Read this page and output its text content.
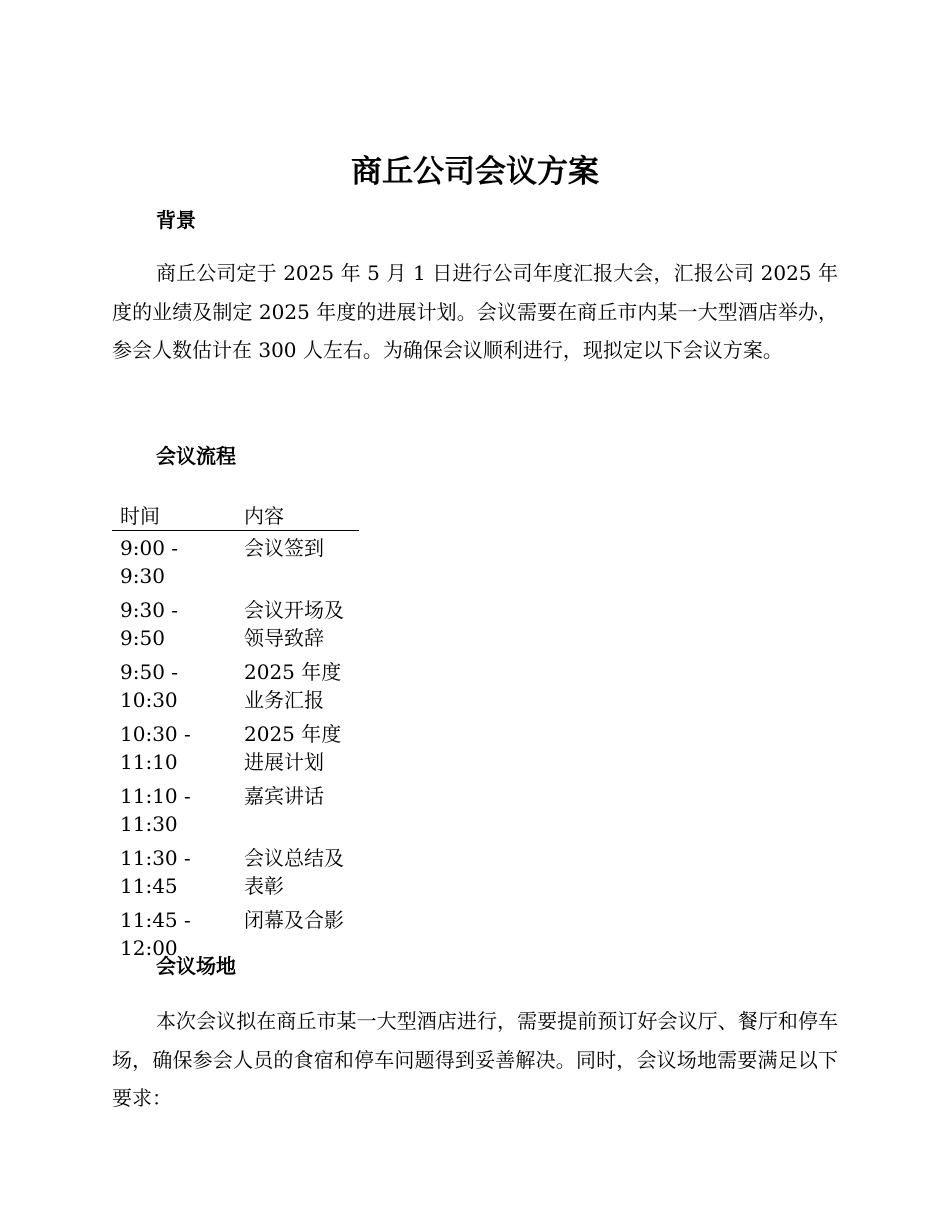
商丘公司会议方案
背景

商丘公司定于 2025 年 5 月 1 日进行公司年度汇报大会，汇报公司 2025 年度的业绩及制定 2025 年度的进展计划。会议需要在商丘市内某一大型酒店举办，参会人数估计在 300 人左右。为确保会议顺利进行，现拟定以下会议方案。

会议流程
时间	内容
9:00 - 9:30	会议签到
9:30 - 9:50	会议开场及领导致辞
9:50 - 10:30	2025 年度业务汇报
10:30 - 11:10	2025 年度进展计划
11:10 - 11:30	嘉宾讲话
11:30 - 11:45	会议总结及表彰
11:45 - 12:00	闭幕及合影
会议场地

本次会议拟在商丘市某一大型酒店进行，需要提前预订好会议厅、餐厅和停车场，确保参会人员的食宿和停车问题得到妥善解决。同时，会议场地需要满足以下要求：
